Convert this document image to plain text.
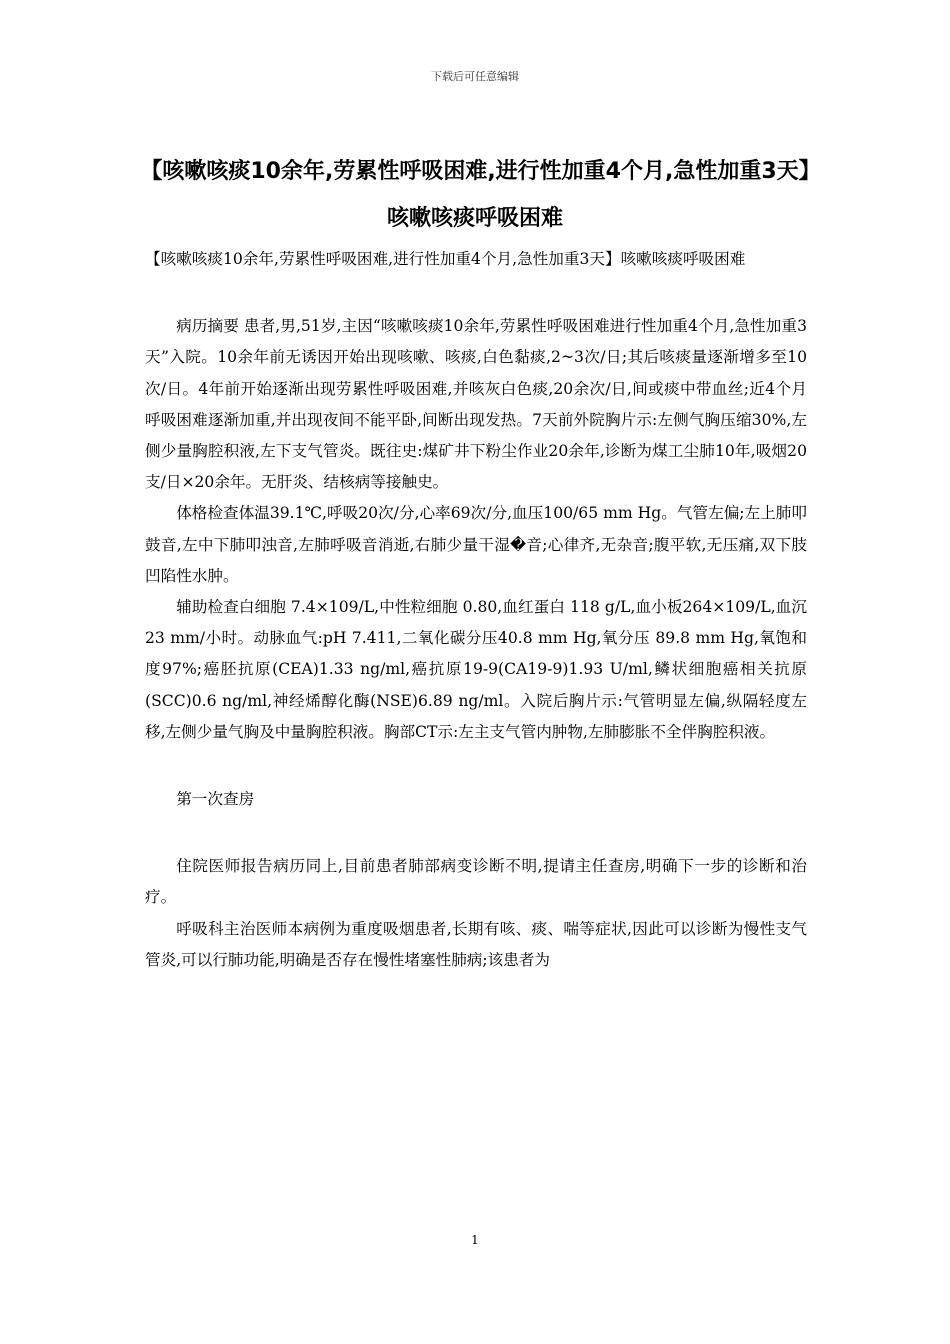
下载后可任意编辑
【咳嗽咳痰10余年,劳累性呼吸困难,进行性加重4个月,急性加重3天】咳嗽咳痰呼吸困难

【咳嗽咳痰10余年,劳累性呼吸困难,进行性加重4个月,急性加重3天】咳嗽咳痰呼吸困难

病历摘要 患者,男,51岁,主因“咳嗽咳痰10余年,劳累性呼吸困难进行性加重4个月,急性加重3天”入院。10余年前无诱因开始出现咳嗽、咳痰,白色黏痰,2~3次/日;其后咳痰量逐渐增多至10次/日。4年前开始逐渐出现劳累性呼吸困难,并咳灰白色痰,20余次/日,间或痰中带血丝;近4个月呼吸困难逐渐加重,并出现夜间不能平卧,间断出现发热。7天前外院胸片示:左侧气胸压缩30%,左侧少量胸腔积液,左下支气管炎。既往史:煤矿井下粉尘作业20余年,诊断为煤工尘肺10年,吸烟20支/日×20余年。无肝炎、结核病等接触史。

体格检查体温39.1℃,呼吸20次/分,心率69次/分,血压100/65 mm Hg。气管左偏;左上肺叩鼓音,左中下肺叩浊音,左肺呼吸音消逝,右肺少量干湿�音;心律齐,无杂音;腹平软,无压痛,双下肢凹陷性水肿。

辅助检查白细胞 7.4×109/L,中性粒细胞 0.80,血红蛋白 118 g/L,血小板264×109/L,血沉 23 mm/小时。动脉血气:pH 7.411,二氧化碳分压40.8 mm Hg,氧分压 89.8 mm Hg,氧饱和度97%;癌胚抗原(CEA)1.33 ng/ml,癌抗原19-9(CA19-9)1.93 U/ml,鳞状细胞癌相关抗原(SCC)0.6 ng/ml,神经烯醇化酶(NSE)6.89 ng/ml。入院后胸片示:气管明显左偏,纵隔轻度左移,左侧少量气胸及中量胸腔积液。胸部CT示:左主支气管内肿物,左肺膨胀不全伴胸腔积液。

第一次查房

住院医师报告病历同上,目前患者肺部病变诊断不明,提请主任查房,明确下一步的诊断和治疗。

呼吸科主治医师本病例为重度吸烟患者,长期有咳、痰、喘等症状,因此可以诊断为慢性支气管炎,可以行肺功能,明确是否存在慢性堵塞性肺病;该患者为

1
